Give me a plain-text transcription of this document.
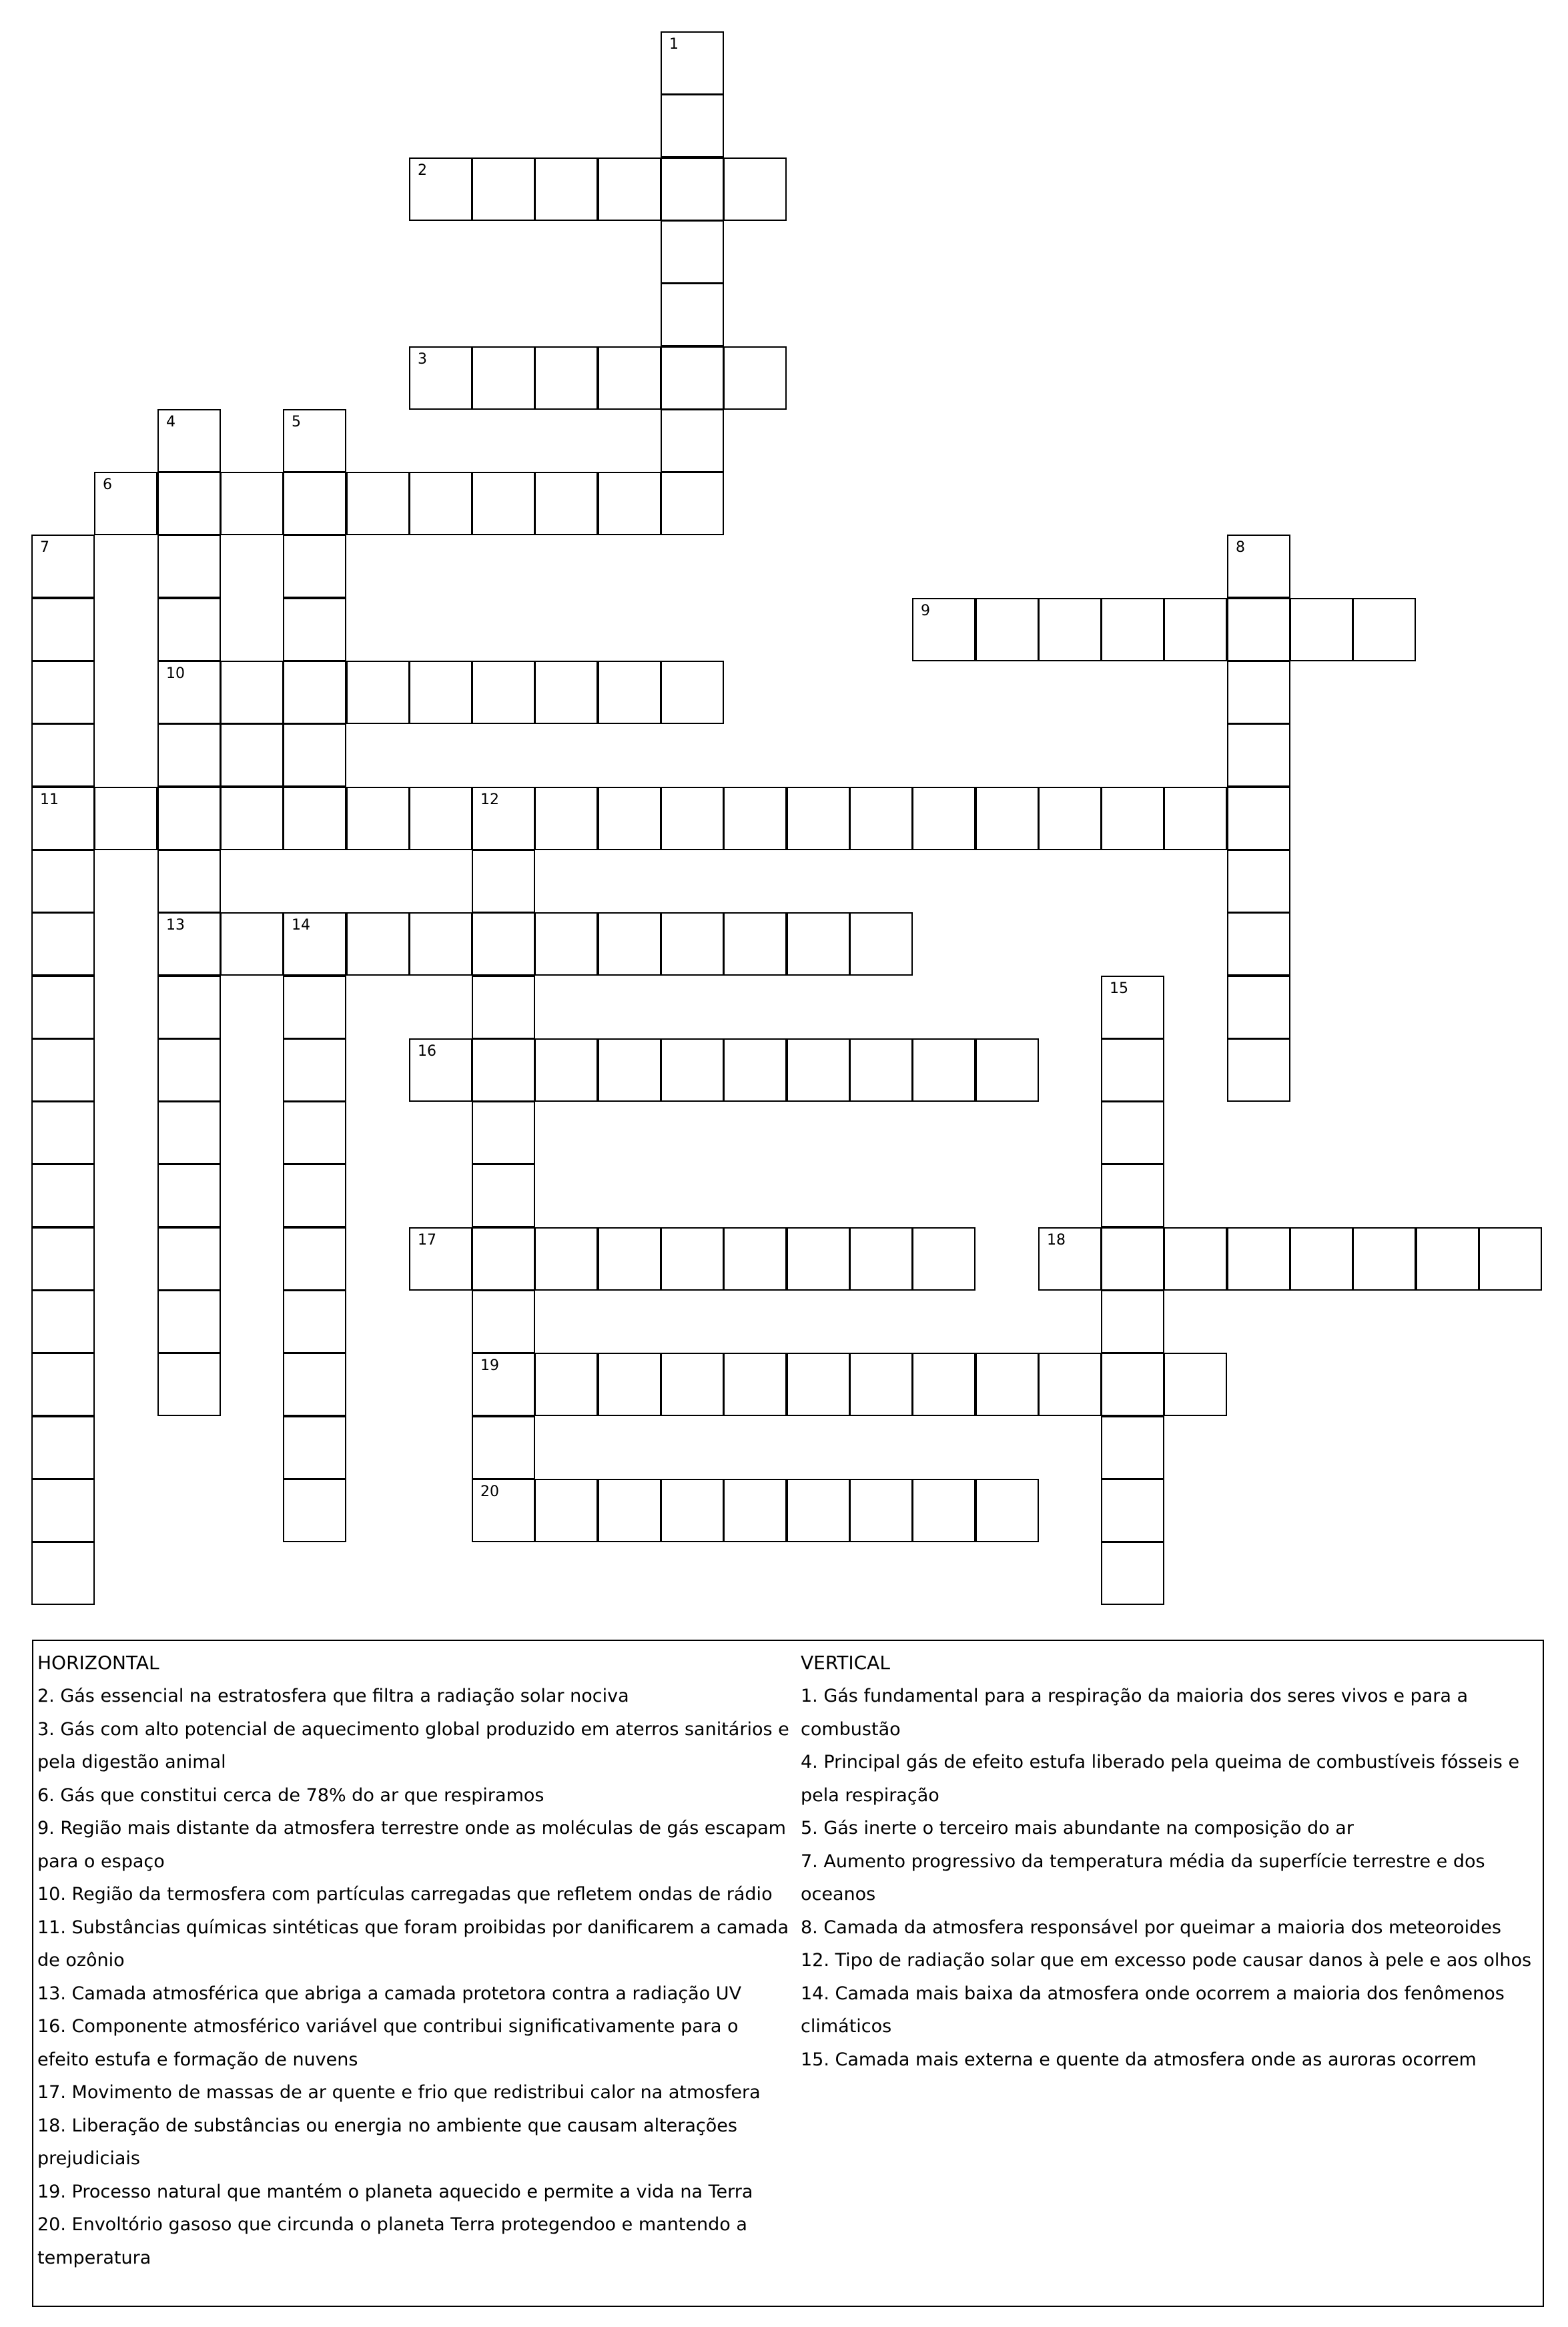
1
2
3
4	5
6
7	8
9
10
11	12
13	14
15
16
17	18
19
20
HORIZONTAL
2. Gás essencial na estratosfera que filtra a radiação solar nociva
3. Gás com alto potencial de aquecimento global produzido em aterros sanitários e
pela digestão animal
6. Gás que constitui cerca de 78% do ar que respiramos
9. Região mais distante da atmosfera terrestre onde as moléculas de gás escapam
para o espaço
10. Região da termosfera com partículas carregadas que refletem ondas de rádio
11. Substâncias químicas sintéticas que foram proibidas por danificarem a camada
de ozônio
13. Camada atmosférica que abriga a camada protetora contra a radiação UV
16. Componente atmosférico variável que contribui significativamente para o
efeito estufa e formação de nuvens
17. Movimento de massas de ar quente e frio que redistribui calor na atmosfera
18. Liberação de substâncias ou energia no ambiente que causam alterações
prejudiciais
19. Processo natural que mantém o planeta aquecido e permite a vida na Terra
20. Envoltório gasoso que circunda o planeta Terra protegendoo e mantendo a
temperatura
VERTICAL
1. Gás fundamental para a respiração da maioria dos seres vivos e para a
combustão
4. Principal gás de efeito estufa liberado pela queima de combustíveis fósseis e
pela respiração
5. Gás inerte o terceiro mais abundante na composição do ar
7. Aumento progressivo da temperatura média da superfície terrestre e dos
oceanos
8. Camada da atmosfera responsável por queimar a maioria dos meteoroides
12. Tipo de radiação solar que em excesso pode causar danos à pele e aos olhos
14. Camada mais baixa da atmosfera onde ocorrem a maioria dos fenômenos
climáticos
15. Camada mais externa e quente da atmosfera onde as auroras ocorrem
